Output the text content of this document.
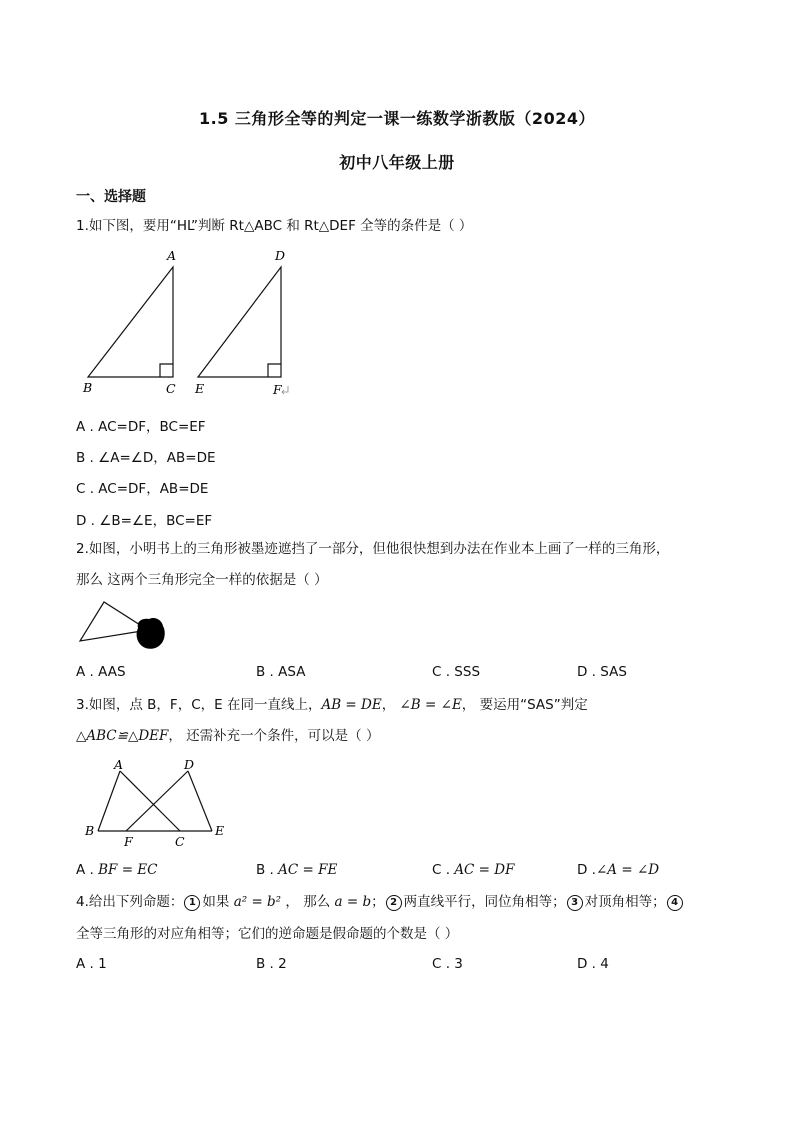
1.5 三角形全等的判定一课一练数学浙教版（2024）
初中八年级上册
一、选择题
1.如下图，要用“HL”判断 Rt△ABC 和 Rt△DEF 全等的条件是（ ）
A
B	C
D
E	F
A . AC=DF，BC=EF
B . ∠A=∠D，AB=DE
C . AC=DF，AB=DE
D . ∠B=∠E，BC=EF
2.如图，小明书上的三角形被墨迹遮挡了一部分，但他很快想到办法在作业本上画了一样的三角形，
那么 这两个三角形完全一样的依据是（ ）
A . AAS	B . ASA	C . SSS	D . SAS
3.如图，点 B，F，C，E 在同一直线上，AB = DE， ∠B = ∠E， 要运用“SAS”判定
△ABC≌△DEF， 还需补充一个条件，可以是（ ）
A	D
B
F	C
E
A . BF = EC	B . AC = FE	C . AC = DF	D .∠A = ∠D
4.给出下列命题： 1 如果 a² = b² ， 那么 a = b； 2 两直线平行，同位角相等； 3 对顶角相等； 4
全等三角形的对应角相等；它们的逆命题是假命题的个数是（ ）
A . 1	B . 2	C . 3	D . 4
